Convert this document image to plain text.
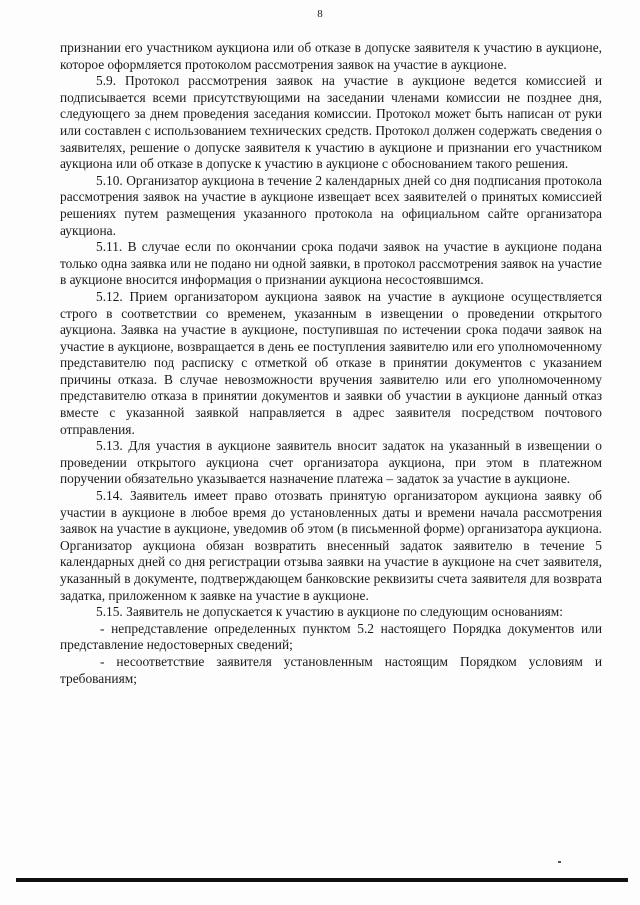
8

признании его участником аукциона или об отказе в допуске заявителя к участию в аукционе, которое оформляется протоколом рассмотрения заявок на участие в аукционе.

5.9. Протокол рассмотрения заявок на участие в аукционе ведется комиссией и подписывается всеми присутствующими на заседании членами комиссии не позднее дня, следующего за днем проведения заседания комиссии. Протокол может быть написан от руки или составлен с использованием технических средств. Протокол должен содержать сведения о заявителях, решение о допуске заявителя к участию в аукционе и признании его участником аукциона или об отказе в допуске к участию в аукционе с обоснованием такого решения.

5.10. Организатор аукциона в течение 2 календарных дней со дня подписания протокола рассмотрения заявок на участие в аукционе извещает всех заявителей о принятых комиссией решениях путем размещения указанного протокола на официальном сайте организатора аукциона.

5.11. В случае если по окончании срока подачи заявок на участие в аукционе подана только одна заявка или не подано ни одной заявки, в протокол рассмотрения заявок на участие в аукционе вносится информация о признании аукциона несостоявшимся.

5.12. Прием организатором аукциона заявок на участие в аукционе осуществляется строго в соответствии со временем, указанным в извещении о проведении открытого аукциона. Заявка на участие в аукционе, поступившая по истечении срока подачи заявок на участие в аукционе, возвращается в день ее поступления заявителю или его уполномоченному представителю под расписку с отметкой об отказе в принятии документов с указанием причины отказа. В случае невозможности вручения заявителю или его уполномоченному представителю отказа в принятии документов и заявки об участии в аукционе данный отказ вместе с указанной заявкой направляется в адрес заявителя посредством почтового отправления.

5.13. Для участия в аукционе заявитель вносит задаток на указанный в извещении о проведении открытого аукциона счет организатора аукциона, при этом в платежном поручении обязательно указывается назначение платежа – задаток за участие в аукционе.

5.14. Заявитель имеет право отозвать принятую организатором аукциона заявку об участии в аукционе в любое время до установленных даты и времени начала рассмотрения заявок на участие в аукционе, уведомив об этом (в письменной форме) организатора аукциона. Организатор аукциона обязан возвратить внесенный задаток заявителю в течение 5 календарных дней со дня регистрации отзыва заявки на участие в аукционе на счет заявителя, указанный в документе, подтверждающем банковские реквизиты счета заявителя для возврата задатка, приложенном к заявке на участие в аукционе.

5.15. Заявитель не допускается к участию в аукционе по следующим основаниям:

- непредставление определенных пунктом 5.2 настоящего Порядка документов или представление недостоверных сведений;

- несоответствие заявителя установленным настоящим Порядком условиям и требованиям;
